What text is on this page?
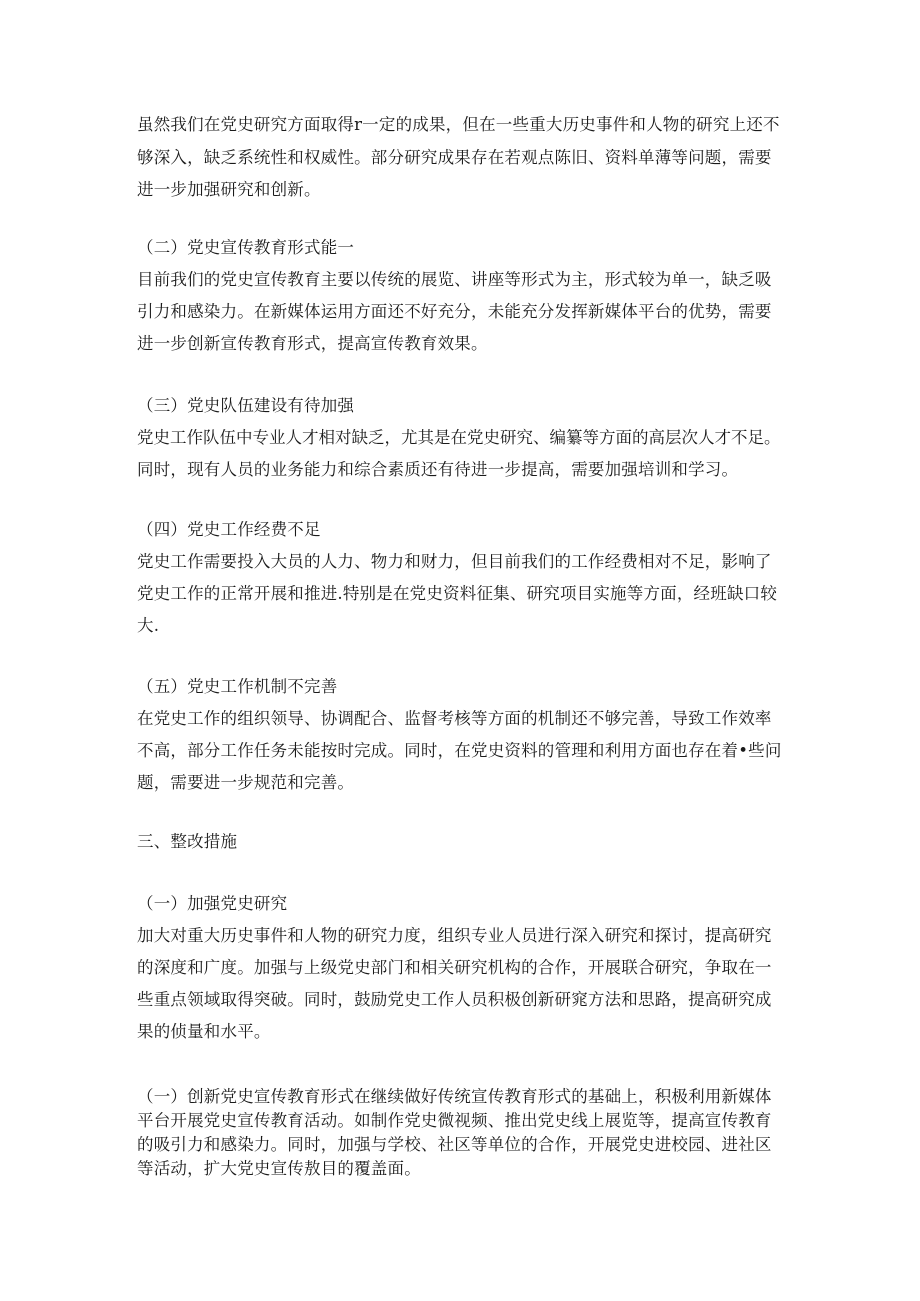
虽然我们在党史研究方面取得r一定的成果，但在一些重大历史事件和人物的研究上还不

够深入，缺乏系统性和权威性。部分研究成果存在若观点陈旧、资料单薄等问题，需要

进一步加强研究和创新。

（二）党史宣传教育形式能一

目前我们的党史宣传教育主要以传统的展览、讲座等形式为主，形式较为单一，缺乏吸

引力和感染力。在新媒体运用方面还不好充分，未能充分发挥新媒体平台的优势，需要

进一步创新宣传教育形式，提高宣传教育效果。

（三）党史队伍建设有待加强

党史工作队伍中专业人才相对缺乏，尤其是在党史研究、编纂等方面的高层次人才不足。

同时，现有人员的业务能力和综合素质还有待进一步提高，需要加强培训和学习。

（四）党史工作经费不足

党史工作需要投入大员的人力、物力和财力，但目前我们的工作经费相对不足，影响了

党史工作的正常开展和推进.特别是在党史资料征集、研究项目实施等方面，经班缺口较

大.

（五）党史工作机制不完善

在党史工作的组织领导、协调配合、监督考核等方面的机制还不够完善，导致工作效率

不高，部分工作任务未能按时完成。同时，在党史资料的管理和利用方面也存在着•些问

题，需要进一步规范和完善。

三、整改措施

（一）加强党史研究

加大对重大历史事件和人物的研究力度，组织专业人员进行深入研究和探讨，提高研究

的深度和广度。加强与上级党史部门和相关研究机构的合作，开展联合研究，争取在一

些重点领域取得突破。同时，鼓励党史工作人员积极创新研窕方法和思路，提高研究成

果的侦量和水平。

（一）创新党史宣传教育形式在继续做好传统宣传教育形式的基础上，积极利用新媒体

平台开展党史宣传教育活动。如制作党史微视频、推出党史线上展览等，提高宣传教育

的吸引力和感染力。同时，加强与学校、社区等单位的合作，开展党史进校园、进社区

等活动，扩大党史宣传敖目的覆盖面。
